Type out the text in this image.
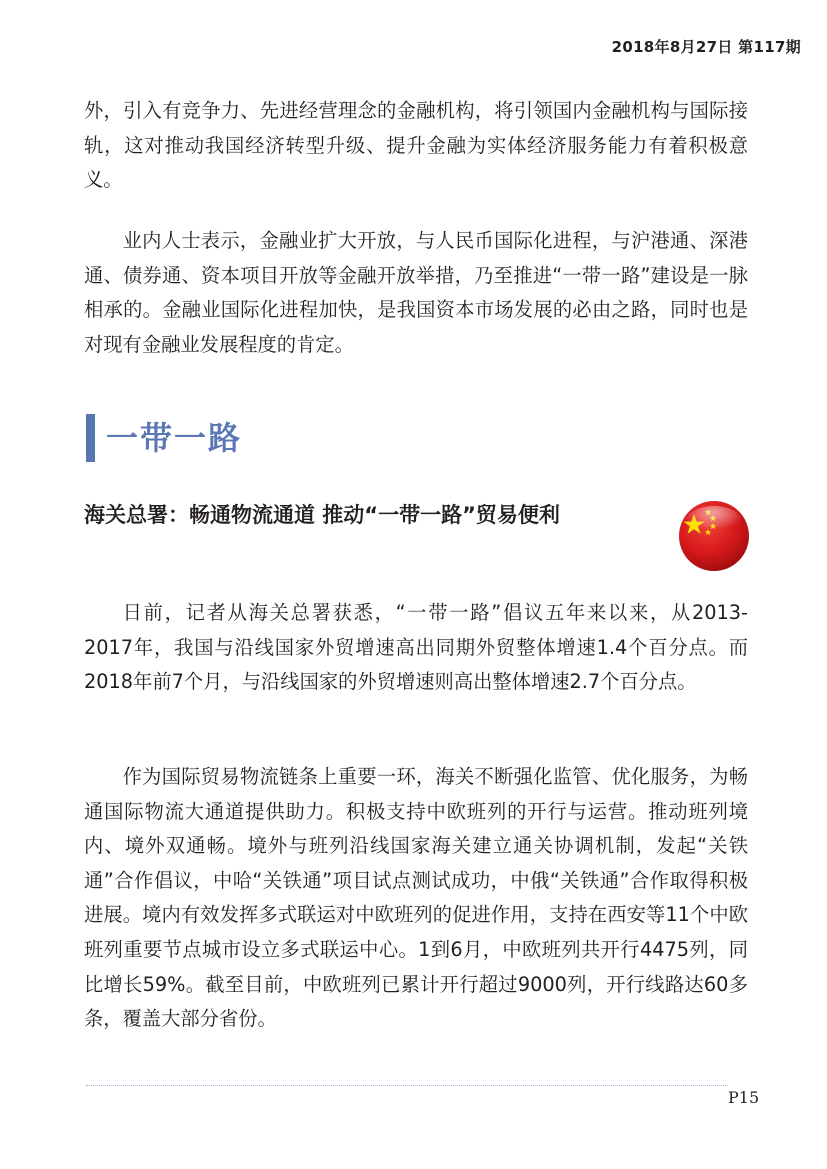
2018年8月27日 第117期

外，引入有竞争力、先进经营理念的金融机构，将引领国内金融机构与国际接轨，这对推动我国经济转型升级、提升金融为实体经济服务能力有着积极意义。

业内人士表示，金融业扩大开放，与人民币国际化进程，与沪港通、深港通、债券通、资本项目开放等金融开放举措，乃至推进“一带一路”建设是一脉相承的。金融业国际化进程加快，是我国资本市场发展的必由之路，同时也是对现有金融业发展程度的肯定。

一带一路
海关总署：畅通物流通道 推动“一带一路”贸易便利

日前，记者从海关总署获悉，“一带一路”倡议五年来以来，从2013-2017年，我国与沿线国家外贸增速高出同期外贸整体增速1.4个百分点。而2018年前7个月，与沿线国家的外贸增速则高出整体增速2.7个百分点。

作为国际贸易物流链条上重要一环，海关不断强化监管、优化服务，为畅通国际物流大通道提供助力。积极支持中欧班列的开行与运营。推动班列境内、境外双通畅。境外与班列沿线国家海关建立通关协调机制，发起“关铁通”合作倡议，中哈“关铁通”项目试点测试成功，中俄“关铁通”合作取得积极进展。境内有效发挥多式联运对中欧班列的促进作用，支持在西安等11个中欧班列重要节点城市设立多式联运中心。1到6月，中欧班列共开行4475列，同比增长59%。截至目前，中欧班列已累计开行超过9000列，开行线路达60多条，覆盖大部分省份。

P15
